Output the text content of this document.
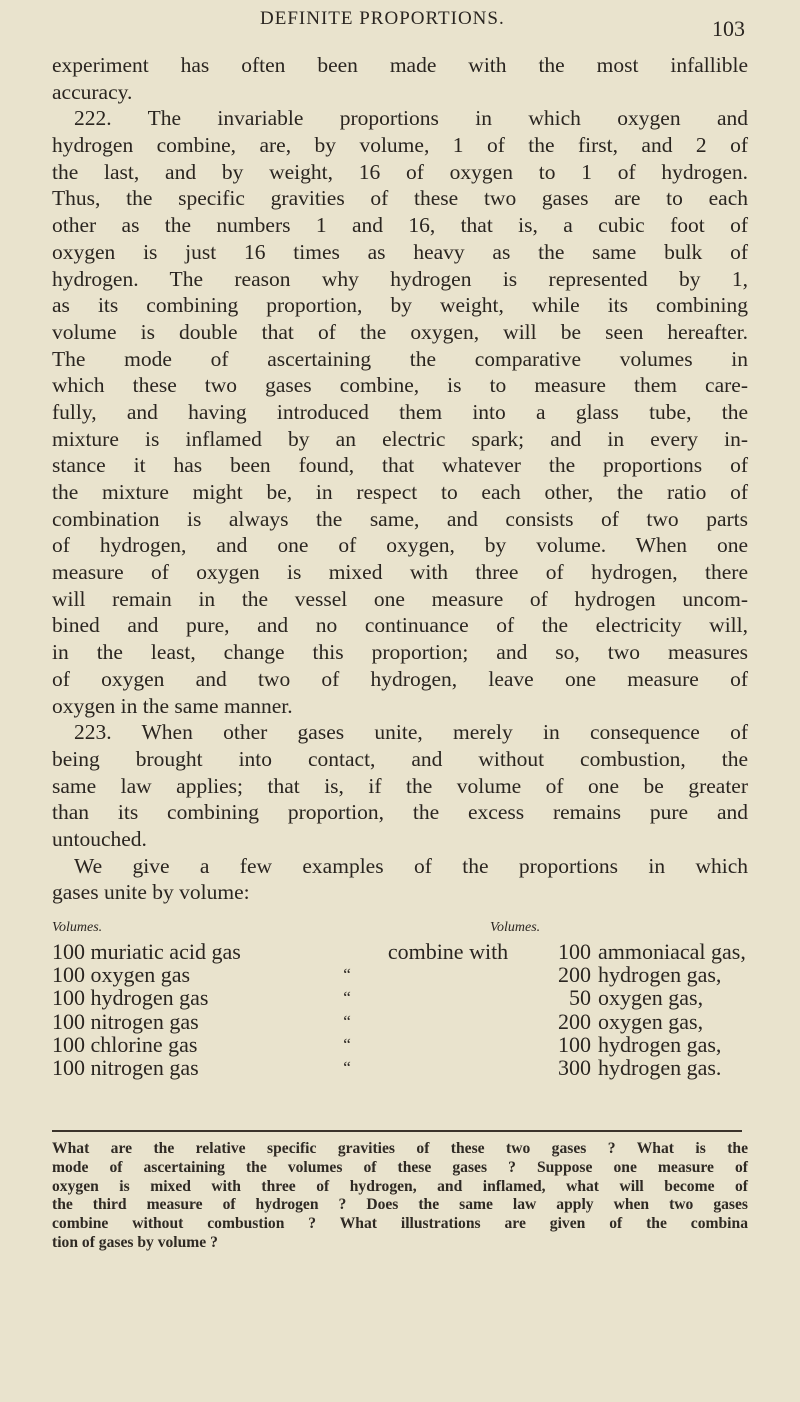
DEFINITE PROPORTIONS.	103
experiment has often been made with the most infallible
accuracy.
222. The invariable proportions in which oxygen and
hydrogen combine, are, by volume, 1 of the first, and 2 of
the last, and by weight, 16 of oxygen to 1 of hydrogen.
Thus, the specific gravities of these two gases are to each
other as the numbers 1 and 16, that is, a cubic foot of
oxygen is just 16 times as heavy as the same bulk of
hydrogen. The reason why hydrogen is represented by 1,
as its combining proportion, by weight, while its combining
volume is double that of the oxygen, will be seen hereafter.
The mode of ascertaining the comparative volumes in
which these two gases combine, is to measure them care-
fully, and having introduced them into a glass tube, the
mixture is inflamed by an electric spark; and in every in-
stance it has been found, that whatever the proportions of
the mixture might be, in respect to each other, the ratio of
combination is always the same, and consists of two parts
of hydrogen, and one of oxygen, by volume. When one
measure of oxygen is mixed with three of hydrogen, there
will remain in the vessel one measure of hydrogen uncom-
bined and pure, and no continuance of the electricity will,
in the least, change this proportion; and so, two measures
of oxygen and two of hydrogen, leave one measure of
oxygen in the same manner.
223. When other gases unite, merely in consequence of
being brought into contact, and without combustion, the
same law applies; that is, if the volume of one be greater
than its combining proportion, the excess remains pure and
untouched.
We give a few examples of the proportions in which
gases unite by volume:
Volumes.	Volumes.
100 muriatic acid gas	combine with	100 ammoniacal gas,
100 oxygen gas	“	200 hydrogen gas,
100 hydrogen gas	“	50 oxygen gas,
100 nitrogen gas	“	200 oxygen gas,
100 chlorine gas	“	100 hydrogen gas,
100 nitrogen gas	“	300 hydrogen gas.
What are the relative specific gravities of these two gases ? What is the
mode of ascertaining the volumes of these gases ? Suppose one measure of
oxygen is mixed with three of hydrogen, and inflamed, what will become of
the third measure of hydrogen ? Does the same law apply when two gases
combine without combustion ? What illustrations are given of the combina
tion of gases by volume ?
